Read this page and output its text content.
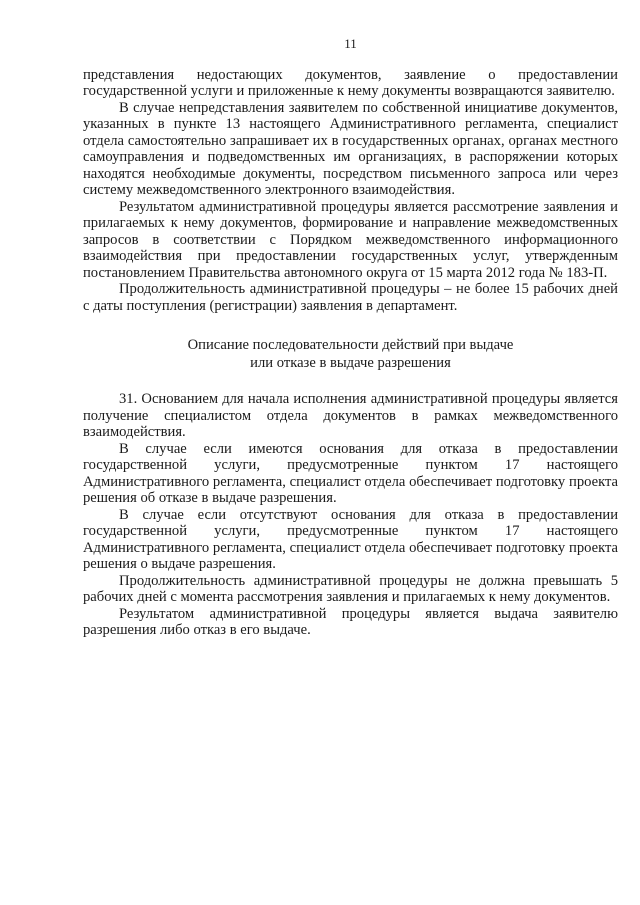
11

представления недостающих документов, заявление о предоставлении государственной услуги и приложенные к нему документы возвращаются заявителю.

В случае непредставления заявителем по собственной инициативе документов, указанных в пункте 13 настоящего Административного регламента, специалист отдела самостоятельно запрашивает их в государственных органах, органах местного самоуправления и подведомственных им организациях, в распоряжении которых находятся необходимые документы, посредством письменного запроса или через систему межведомственного электронного взаимодействия.

Результатом административной процедуры является рассмотрение заявления и прилагаемых к нему документов, формирование и направление межведомственных запросов в соответствии с Порядком межведомственного информационного взаимодействия при предоставлении государственных услуг, утвержденным постановлением Правительства автономного округа от 15 марта 2012 года № 183-П.

Продолжительность административной процедуры – не более 15 рабочих дней с даты поступления (регистрации) заявления в департамент.

Описание последовательности действий при выдаче
или отказе в выдаче разрешения

31. Основанием для начала исполнения административной процедуры является получение специалистом отдела документов в рамках межведомственного взаимодействия.

В случае если имеются основания для отказа в предоставлении государственной услуги, предусмотренные пунктом 17 настоящего Административного регламента, специалист отдела обеспечивает подготовку проекта решения об отказе в выдаче разрешения.

В случае если отсутствуют основания для отказа в предоставлении государственной услуги, предусмотренные пунктом 17 настоящего Административного регламента, специалист отдела обеспечивает подготовку проекта решения о выдаче разрешения.

Продолжительность административной процедуры не должна превышать 5 рабочих дней с момента рассмотрения заявления и прилагаемых к нему документов.

Результатом административной процедуры является выдача заявителю разрешения либо отказ в его выдаче.
